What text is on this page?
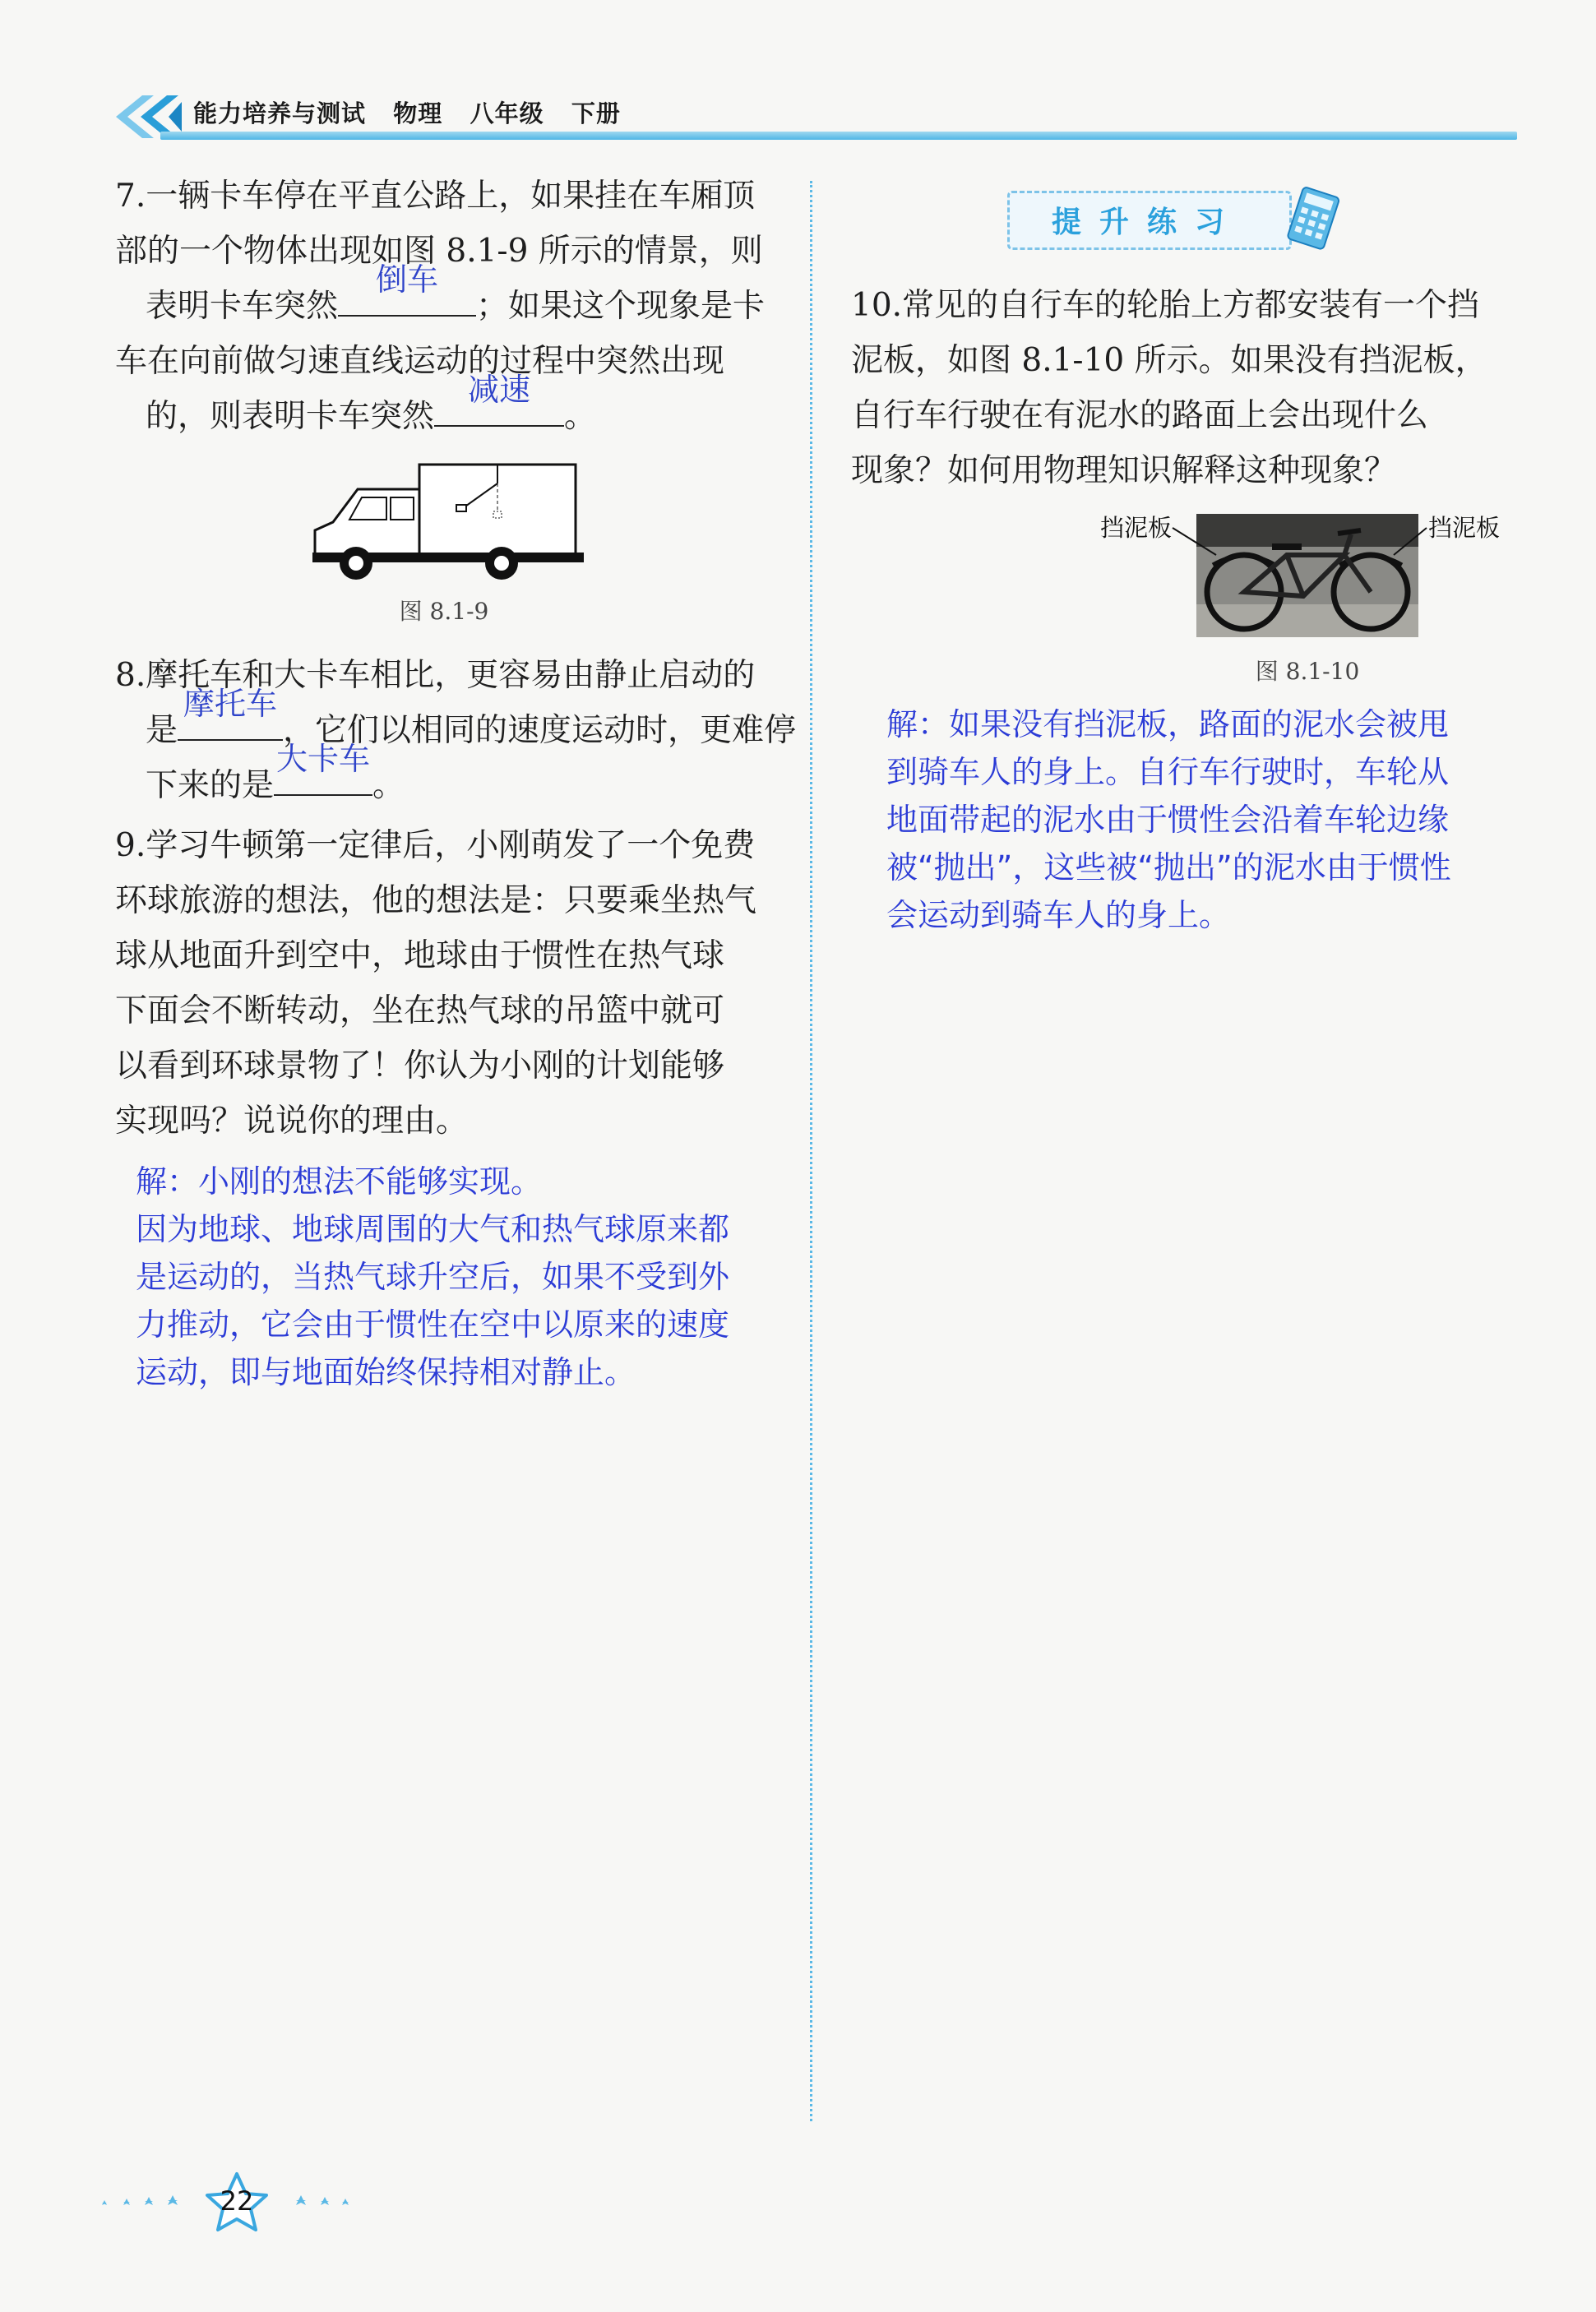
能力培养与测试   物理   八年级   下册
7.一辆卡车停在平直公路上，如果挂在车厢顶
部的一个物体出现如图 8.1-9 所示的情景，则
表明卡车突然
倒车
；如果这个现象是卡
车在向前做匀速直线运动的过程中突然出现
的，则表明卡车突然
减速
。
图 8.1-9
8.摩托车和大卡车相比，更容易由静止启动的
是
摩托车
，它们以相同的速度运动时，更难停
下来的是
大卡车
。
9.学习牛顿第一定律后，小刚萌发了一个免费
环球旅游的想法，他的想法是：只要乘坐热气
球从地面升到空中，地球由于惯性在热气球
下面会不断转动，坐在热气球的吊篮中就可
以看到环球景物了！你认为小刚的计划能够
实现吗？说说你的理由。
解：小刚的想法不能够实现。
因为地球、地球周围的大气和热气球原来都
是运动的，当热气球升空后，如果不受到外
力推动，它会由于惯性在空中以原来的速度
运动，即与地面始终保持相对静止。
提升练习
10.常见的自行车的轮胎上方都安装有一个挡
泥板，如图 8.1-10 所示。如果没有挡泥板，
自行车行驶在有泥水的路面上会出现什么
现象？如何用物理知识解释这种现象？
挡泥板	挡泥板
图 8.1-10
解：如果没有挡泥板，路面的泥水会被甩
到骑车人的身上。自行车行驶时，车轮从
地面带起的泥水由于惯性会沿着车轮边缘
被“抛出”，这些被“抛出”的泥水由于惯性
会运动到骑车人的身上。
22
